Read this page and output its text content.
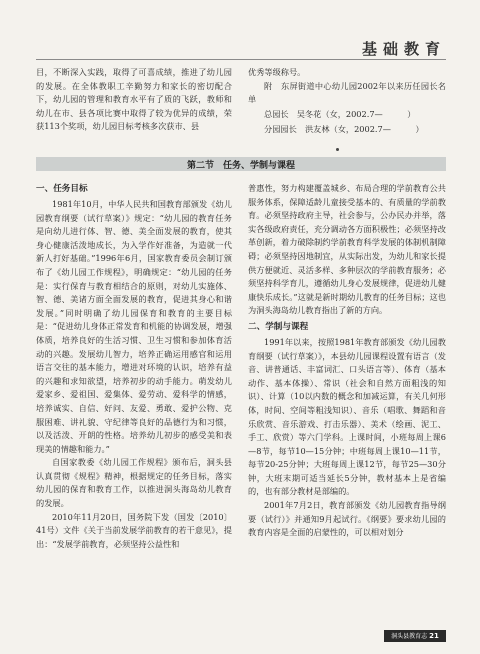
基础教育

目，不断深入实践，取得了可喜成绩，推进了幼儿园的发展。在全体教职工辛勤努力和家长的密切配合下，幼儿园的管理和教育水平有了质的飞跃，教师和幼儿在市、县各项比赛中取得了较为优异的成绩，荣获113个奖项，幼儿园目标考核多次获市、县

优秀等级称号。

附　东屏街道中心幼儿园2002年以来历任园长名单

总园长　吴冬花（女，2002.7—　　　）

分园园长　洪友林（女，2002.7—　　　）

第二节　任务、学制与课程
一、任务目标

1981年10月，中华人民共和国教育部颁发《幼儿园教育纲要（试行草案）》规定：“幼儿园的教育任务是向幼儿进行体、智、德、美全面发展的教育，使其身心健康活泼地成长，为入学作好准备，为造就一代新人打好基础。”1996年6月，国家教育委员会制订颁布了《幼儿园工作规程》，明确规定：“幼儿园的任务是：实行保育与教育相结合的原则，对幼儿实施体、智、德、美诸方面全面发展的教育，促进其身心和谐发展。”同时明确了幼儿园保育和教育的主要目标是：“促进幼儿身体正常发育和机能的协调发展，增强体质，培养良好的生活习惯、卫生习惯和参加体育活动的兴趣。发展幼儿智力，培养正确运用感官和运用语言交往的基本能力，增进对环境的认识，培养有益的兴趣和求知欲望，培养初步的动手能力。萌发幼儿爱家乡、爱祖国、爱集体、爱劳动、爱科学的情感，培养诚实、自信、好问、友爱、勇敢、爱护公物、克服困难、讲礼貌、守纪律等良好的品德行为和习惯，以及活泼、开朗的性格。培养幼儿初步的感受美和表现美的情趣和能力。”

自国家教委《幼儿园工作规程》颁布后，洞头县认真贯彻《规程》精神，根据规定的任务目标，落实幼儿园的保育和教育工作，以推进洞头海岛幼儿教育的发展。

2010年11月20日，国务院下发（国发〔2010〕41号）文件《关于当前发展学前教育的若干意见》，提出：“发展学前教育，必须坚持公益性和

普惠性，努力构建覆盖城乡、布局合理的学前教育公共服务体系，保障适龄儿童接受基本的、有质量的学前教育。必须坚持政府主导，社会参与，公办民办并举，落实各级政府责任，充分调动各方面积极性；必须坚持改革创新，着力破除制约学前教育科学发展的体制机制障碍；必须坚持因地制宜，从实际出发，为幼儿和家长提供方便就近、灵活多样、多种层次的学前教育服务；必须坚持科学育儿，遵循幼儿身心发展规律，促进幼儿健康快乐成长。”这就是新时期幼儿教育的任务目标；这也为洞头海岛幼儿教育指出了新的方向。

二、学制与课程

1991年以来，按照1981年教育部颁发《幼儿园教育纲要（试行草案）》，本县幼儿园课程设置有语言（发音、讲普通话、丰富词汇、口头语言等）、体育（基本动作、基本体操）、常识（社会和自然方面粗浅的知识）、计算（10以内数的概念和加减运算，有关几何形体，时间、空间等粗浅知识）、音乐（唱歌、舞蹈和音乐欣赏、音乐游戏、打击乐器）、美术（绘画、泥工、手工、欣赏）等六门学科。上课时间，小班每周上课6—8节，每节10—15分钟；中班每周上课10—11节，每节20-25分钟；大班每周上课12节，每节25—30分钟，大班末期可适当延长5分钟，教材基本上是省编的，也有部分教材是部编的。

2001年7月2日，教育部颁发《幼儿园教育指导纲要（试行）》并通知9月起试行。《纲要》要求幼儿园的教育内容是全面的启蒙性的，可以相对划分

洞头县教育志 21
